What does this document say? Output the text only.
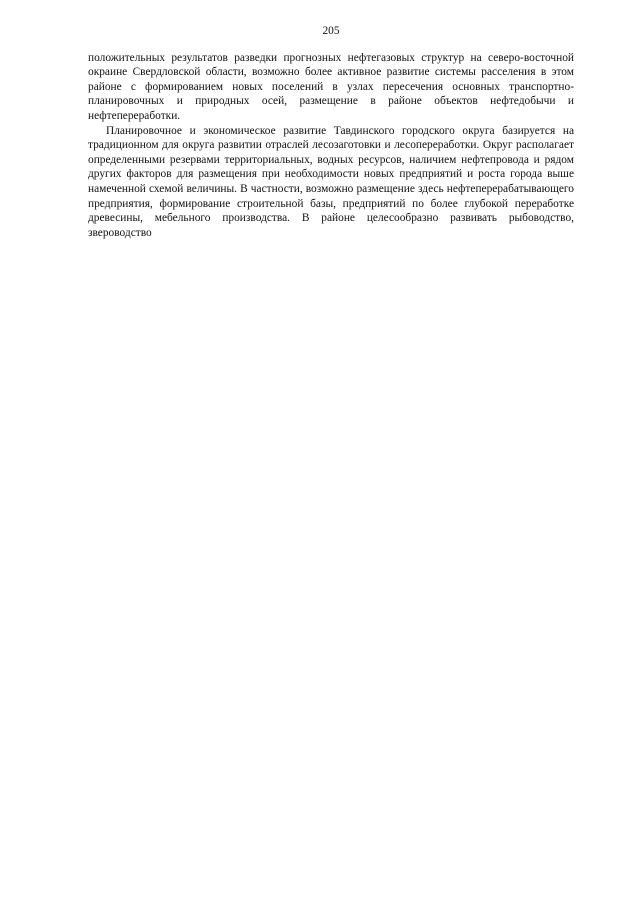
205

положительных результатов разведки прогнозных нефтегазовых структур на северо-восточной окраине Свердловской области, возможно более активное развитие системы расселения в этом районе с формированием новых поселений в узлах пересечения основных транспортно-планировочных и природных осей, размещение в районе объектов нефтедобычи и нефтепереработки.

Планировочное и экономическое развитие Тавдинского городского округа базируется на традиционном для округа развитии отраслей лесозаготовки и лесопереработки. Округ располагает определенными резервами территориальных, водных ресурсов, наличием нефтепровода и рядом других факторов для размещения при необходимости новых предприятий и роста города выше намеченной схемой величины. В частности, возможно размещение здесь нефтеперерабатывающего предприятия, формирование строительной базы, предприятий по более глубокой переработке древесины, мебельного производства. В районе целесообразно развивать рыбоводство, звероводство
